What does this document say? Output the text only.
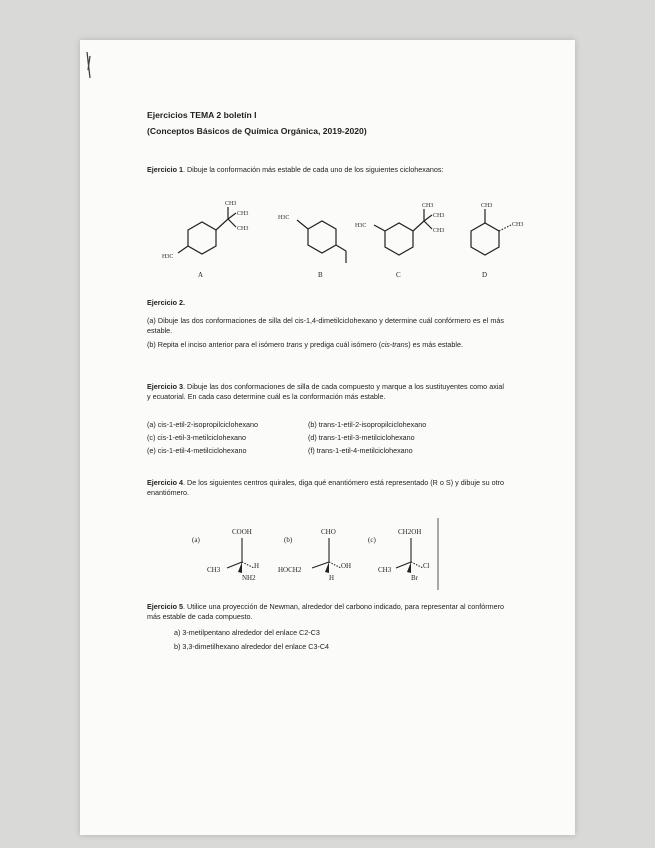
Ejercicios TEMA 2 boletín I
(Conceptos Básicos de Química Orgánica, 2019-2020)
Ejercicio 1. Dibuje la conformación más estable de cada uno de los siguientes ciclohexanos:
CH3
CH3
CH3
H3C
H3C
CH3
CH3
CH3
H3C
CH3
CH3
A	B	C	D
Ejercicio 2.
(a) Dibuje las dos conformaciones de silla del cis-1,4-dimetilciclohexano y determine cuál confórmero es el más estable.
(b) Repita el inciso anterior para el isómero trans y prediga cuál isómero (cis-trans) es más estable.
Ejercicio 3. Dibuje las dos conformaciones de silla de cada compuesto y marque a los sustituyentes como axial y ecuatorial. En cada caso determine cuál es la conformación más estable.
(a) cis-1-etil-2-isopropilciclohexano	(b) trans-1-etil-2-isopropilciclohexano
(c) cis-1-etil-3-metilciclohexano	(d) trans-1-etil-3-metilciclohexano
(e) cis-1-etil-4-metilciclohexano	(f) trans-1-etil-4-metilciclohexano
Ejercicio 4. De los siguientes centros quirales, diga qué enantiómero está representado (R o S) y dibuje su otro enantiómero.
(a)
COOH
CH3	H
NH2
(b)
CHO
HOCH2	OH
H
(c)
CH2OH
CH3	Cl
Br
Ejercicio 5. Utilice una proyección de Newman, alrededor del carbono indicado, para representar al confórmero más estable de cada compuesto.
a) 3-metilpentano alrededor del enlace C2-C3
b) 3,3-dimetilhexano alrededor del enlace C3-C4
